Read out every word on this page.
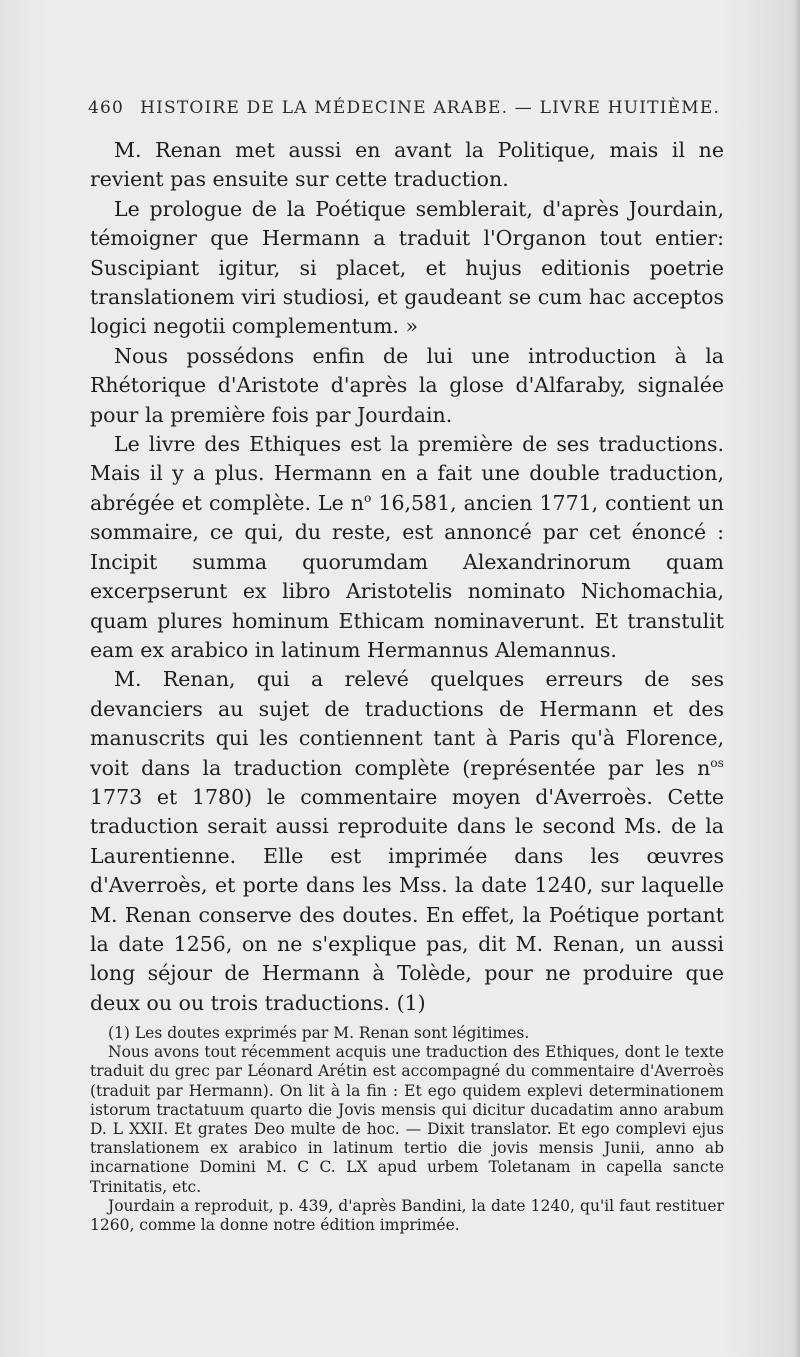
460 HISTOIRE DE LA MÉDECINE ARABE. — LIVRE HUITIÈME.

M. Renan met aussi en avant la Politique, mais il ne revient pas ensuite sur cette traduction.

Le prologue de la Poétique semblerait, d'après Jourdain, témoigner que Hermann a traduit l'Organon tout entier: Suscipiant igitur, si placet, et hujus editionis poetrie translationem viri studiosi, et gaudeant se cum hac acceptos logici negotii complementum. »

Nous possédons enfin de lui une introduction à la Rhétorique d'Aristote d'après la glose d'Alfaraby, signalée pour la première fois par Jourdain.

Le livre des Ethiques est la première de ses traductions. Mais il y a plus. Hermann en a fait une double traduction, abrégée et complète. Le $n^o$ 16,581, ancien 1771, contient un sommaire, ce qui, du reste, est annoncé par cet énoncé : Incipit summa quorumdam Alexandrinorum quam excerpserunt ex libro Aristotelis nominato Nichomachia, quam plures hominum Ethicam nominaverunt. Et transtulit eam ex arabico in latinum Hermannus Alemannus.

M. Renan, qui a relevé quelques erreurs de ses devanciers au sujet de traductions de Hermann et des manuscrits qui les contiennent tant à Paris qu'à Florence, voit dans la traduction complète (représentée par les $n^{os}$ 1773 et 1780) le commentaire moyen d'Averroès. Cette traduction serait aussi reproduite dans le second Ms. de la Laurentienne. Elle est imprimée dans les œuvres d'Averroès, et porte dans les Mss. la date 1240, sur laquelle M. Renan conserve des doutes. En effet, la Poétique portant la date 1256, on ne s'explique pas, dit M. Renan, un aussi long séjour de Hermann à Tolède, pour ne produire que deux ou ou trois traductions. (1)

(1) Les doutes exprimés par M. Renan sont légitimes.

Nous avons tout récemment acquis une traduction des Ethiques, dont le texte traduit du grec par Léonard Arétin est accompagné du commentaire d'Averroès (traduit par Hermann). On lit à la fin : Et ego quidem explevi determinationem istorum tractatuum quarto die Jovis mensis qui dicitur ducadatim anno arabum D. L XXII. Et grates Deo multe de hoc. — Dixit translator. Et ego complevi ejus translationem ex arabico in latinum tertio die jovis mensis Junii, anno ab incarnatione Domini M. C C. LX apud urbem Toletanam in capella sancte Trinitatis, etc.

Jourdain a reproduit, p. 439, d'après Bandini, la date 1240, qu'il faut restituer 1260, comme la donne notre édition imprimée.
